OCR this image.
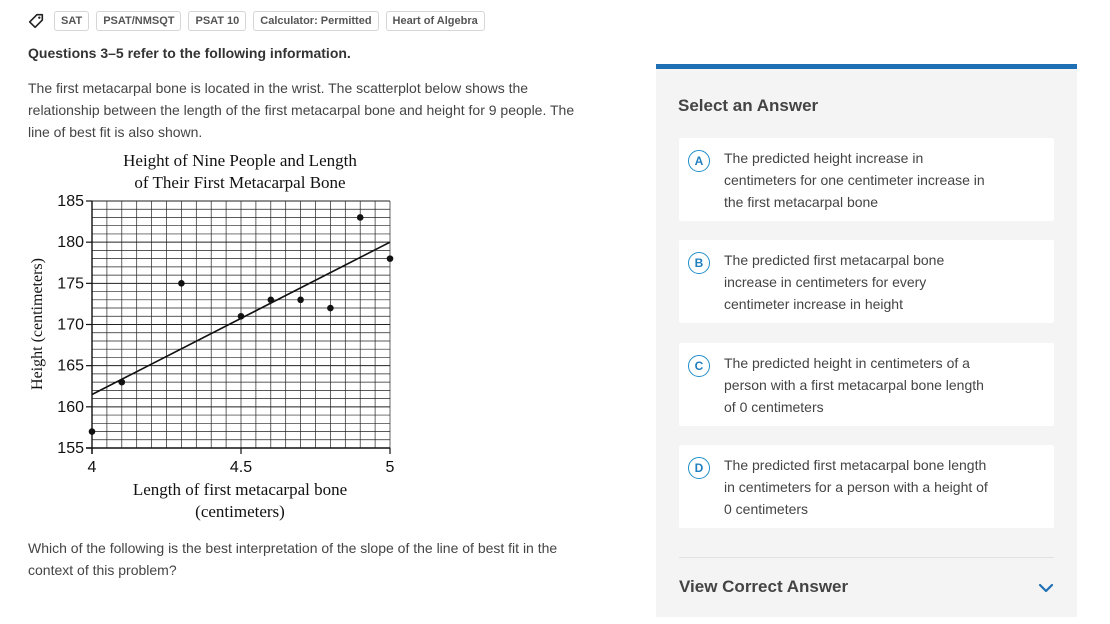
SAT	PSAT/NMSQT	PSAT 10	Calculator: Permitted	Heart of Algebra
Questions 3–5 refer to the following information.
The first metacarpal bone is located in the wrist. The scatterplot below shows the
relationship between the length of the first metacarpal bone and height for 9 people. The
line of best fit is also shown.
Height of Nine People and Length
of Their First Metacarpal Bone
155
160
165
170
175
180
185
4	4.5	5
Height (centimeters)
Length of first metacarpal bone
(centimeters)
Which of the following is the best interpretation of the slope of the line of best fit in the
context of this problem?
Select an Answer
A	The predicted height increase in
centimeters for one centimeter increase in
the first metacarpal bone
B	The predicted first metacarpal bone
increase in centimeters for every
centimeter increase in height
C	The predicted height in centimeters of a
person with a first metacarpal bone length
of 0 centimeters
D	The predicted first metacarpal bone length
in centimeters for a person with a height of
0 centimeters
View Correct Answer
